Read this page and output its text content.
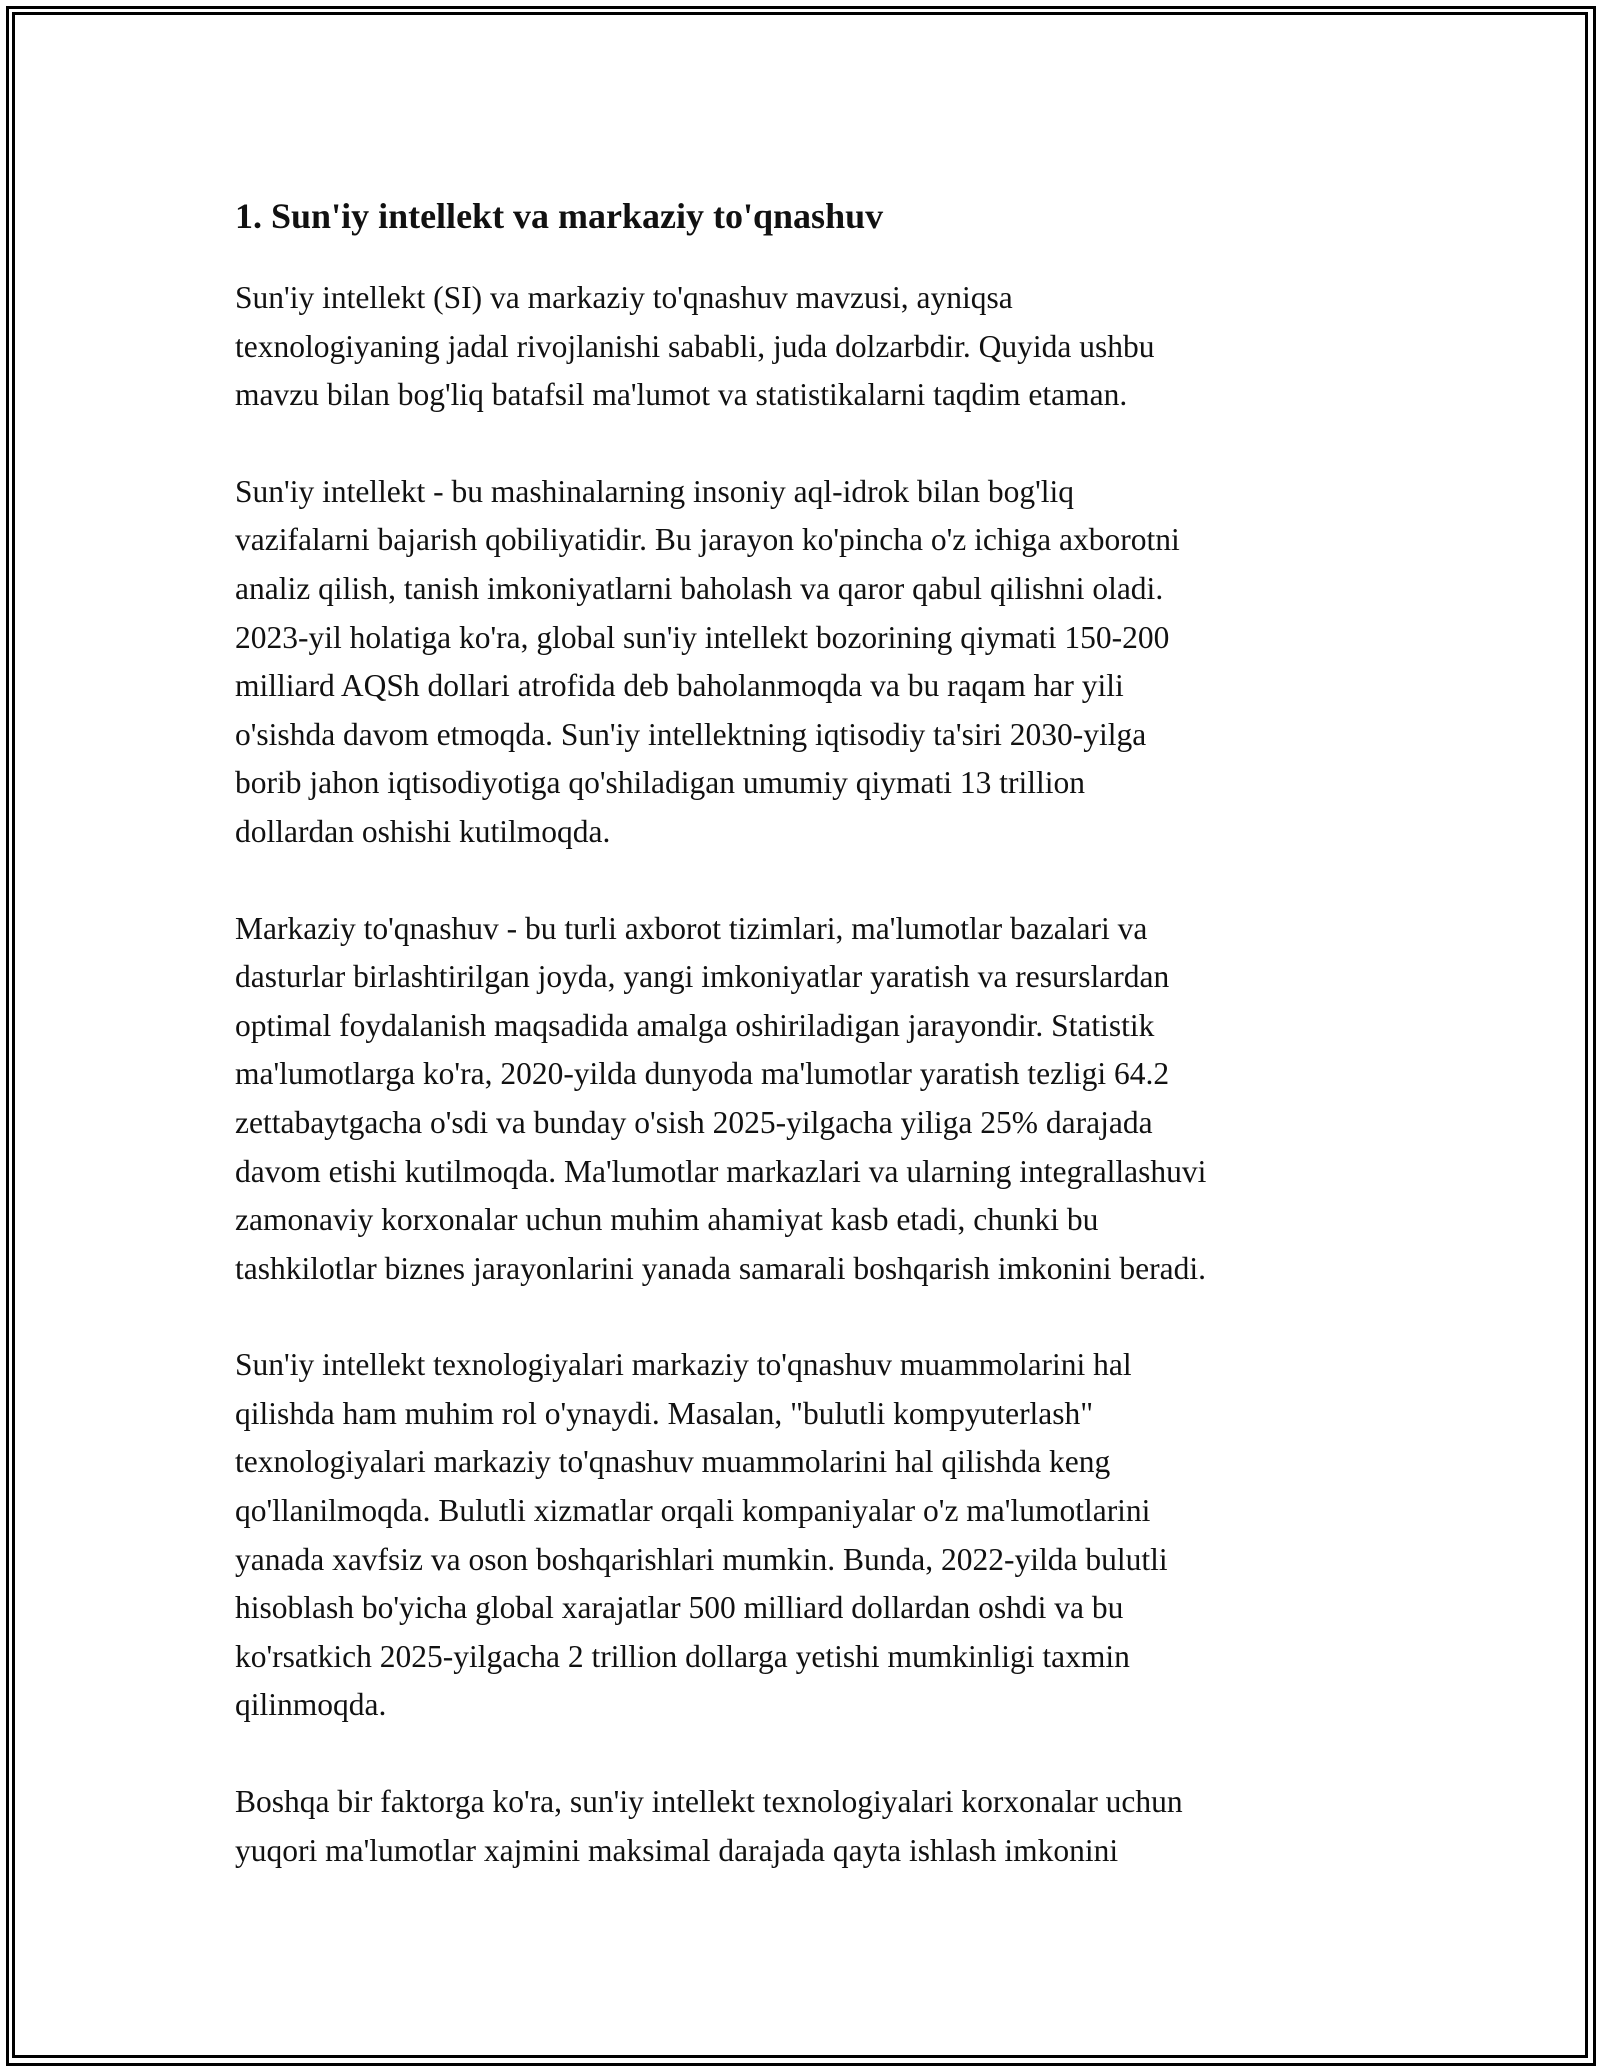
1. Sun'iy intellekt va markaziy to'qnashuv

Sun'iy intellekt (SI) va markaziy to'qnashuv mavzusi, ayniqsa
texnologiyaning jadal rivojlanishi sababli, juda dolzarbdir. Quyida ushbu
mavzu bilan bog'liq batafsil ma'lumot va statistikalarni taqdim etaman.

Sun'iy intellekt - bu mashinalarning insoniy aql-idrok bilan bog'liq
vazifalarni bajarish qobiliyatidir. Bu jarayon ko'pincha o'z ichiga axborotni
analiz qilish, tanish imkoniyatlarni baholash va qaror qabul qilishni oladi.
2023-yil holatiga ko'ra, global sun'iy intellekt bozorining qiymati 150-200
milliard AQSh dollari atrofida deb baholanmoqda va bu raqam har yili
o'sishda davom etmoqda. Sun'iy intellektning iqtisodiy ta'siri 2030-yilga
borib jahon iqtisodiyotiga qo'shiladigan umumiy qiymati 13 trillion
dollardan oshishi kutilmoqda.

Markaziy to'qnashuv - bu turli axborot tizimlari, ma'lumotlar bazalari va
dasturlar birlashtirilgan joyda, yangi imkoniyatlar yaratish va resurslardan
optimal foydalanish maqsadida amalga oshiriladigan jarayondir. Statistik
ma'lumotlarga ko'ra, 2020-yilda dunyoda ma'lumotlar yaratish tezligi 64.2
zettabaytgacha o'sdi va bunday o'sish 2025-yilgacha yiliga 25% darajada
davom etishi kutilmoqda. Ma'lumotlar markazlari va ularning integrallashuvi
zamonaviy korxonalar uchun muhim ahamiyat kasb etadi, chunki bu
tashkilotlar biznes jarayonlarini yanada samarali boshqarish imkonini beradi.

Sun'iy intellekt texnologiyalari markaziy to'qnashuv muammolarini hal
qilishda ham muhim rol o'ynaydi. Masalan, "bulutli kompyuterlash"
texnologiyalari markaziy to'qnashuv muammolarini hal qilishda keng
qo'llanilmoqda. Bulutli xizmatlar orqali kompaniyalar o'z ma'lumotlarini
yanada xavfsiz va oson boshqarishlari mumkin. Bunda, 2022-yilda bulutli
hisoblash bo'yicha global xarajatlar 500 milliard dollardan oshdi va bu
ko'rsatkich 2025-yilgacha 2 trillion dollarga yetishi mumkinligi taxmin
qilinmoqda.

Boshqa bir faktorga ko'ra, sun'iy intellekt texnologiyalari korxonalar uchun
yuqori ma'lumotlar xajmini maksimal darajada qayta ishlash imkonini
